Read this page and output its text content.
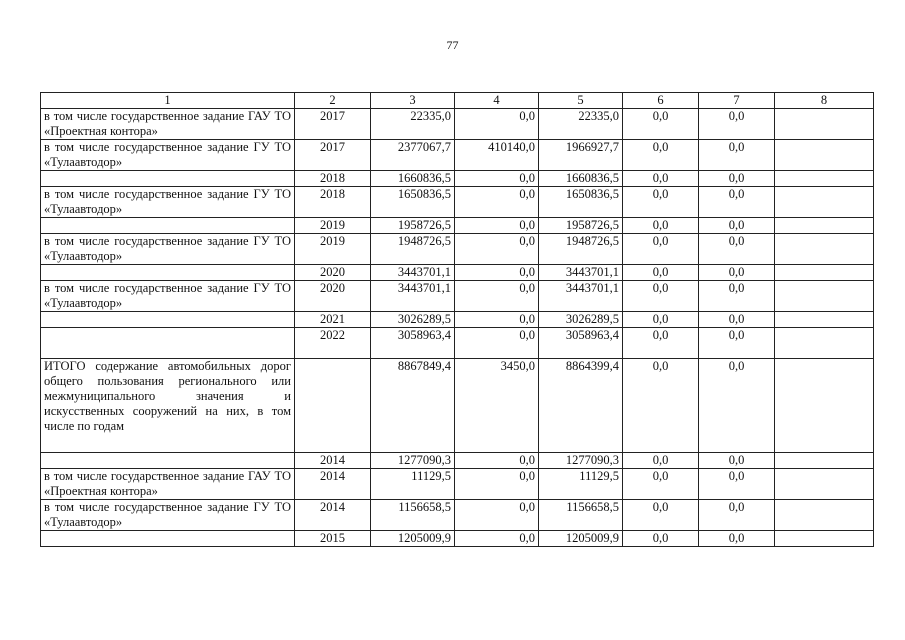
77
1	2	3	4	5	6	7	8
в том числе государственное задание ГАУ ТО «Проектная контора»	2017	22335,0	0,0	22335,0	0,0	0,0	
в том числе государственное задание ГУ ТО «Тулаавтодор»	2017	2377067,7	410140,0	1966927,7	0,0	0,0	
	2018	1660836,5	0,0	1660836,5	0,0	0,0	
в том числе государственное задание ГУ ТО «Тулаавтодор»	2018	1650836,5	0,0	1650836,5	0,0	0,0	
	2019	1958726,5	0,0	1958726,5	0,0	0,0	
в том числе государственное задание ГУ ТО «Тулаавтодор»	2019	1948726,5	0,0	1948726,5	0,0	0,0	
	2020	3443701,1	0,0	3443701,1	0,0	0,0	
в том числе государственное задание ГУ ТО «Тулаавтодор»	2020	3443701,1	0,0	3443701,1	0,0	0,0	
	2021	3026289,5	0,0	3026289,5	0,0	0,0	
	2022	3058963,4	0,0	3058963,4	0,0	0,0	
ИТОГО содержание автомобильных дорог общего пользования регионального или межмуниципального значения и искусственных сооружений на них, в том числе по годам		8867849,4	3450,0	8864399,4	0,0	0,0	
	2014	1277090,3	0,0	1277090,3	0,0	0,0	
в том числе государственное задание ГАУ ТО «Проектная контора»	2014	11129,5	0,0	11129,5	0,0	0,0	
в том числе государственное задание ГУ ТО «Тулаавтодор»	2014	1156658,5	0,0	1156658,5	0,0	0,0	
	2015	1205009,9	0,0	1205009,9	0,0	0,0	
